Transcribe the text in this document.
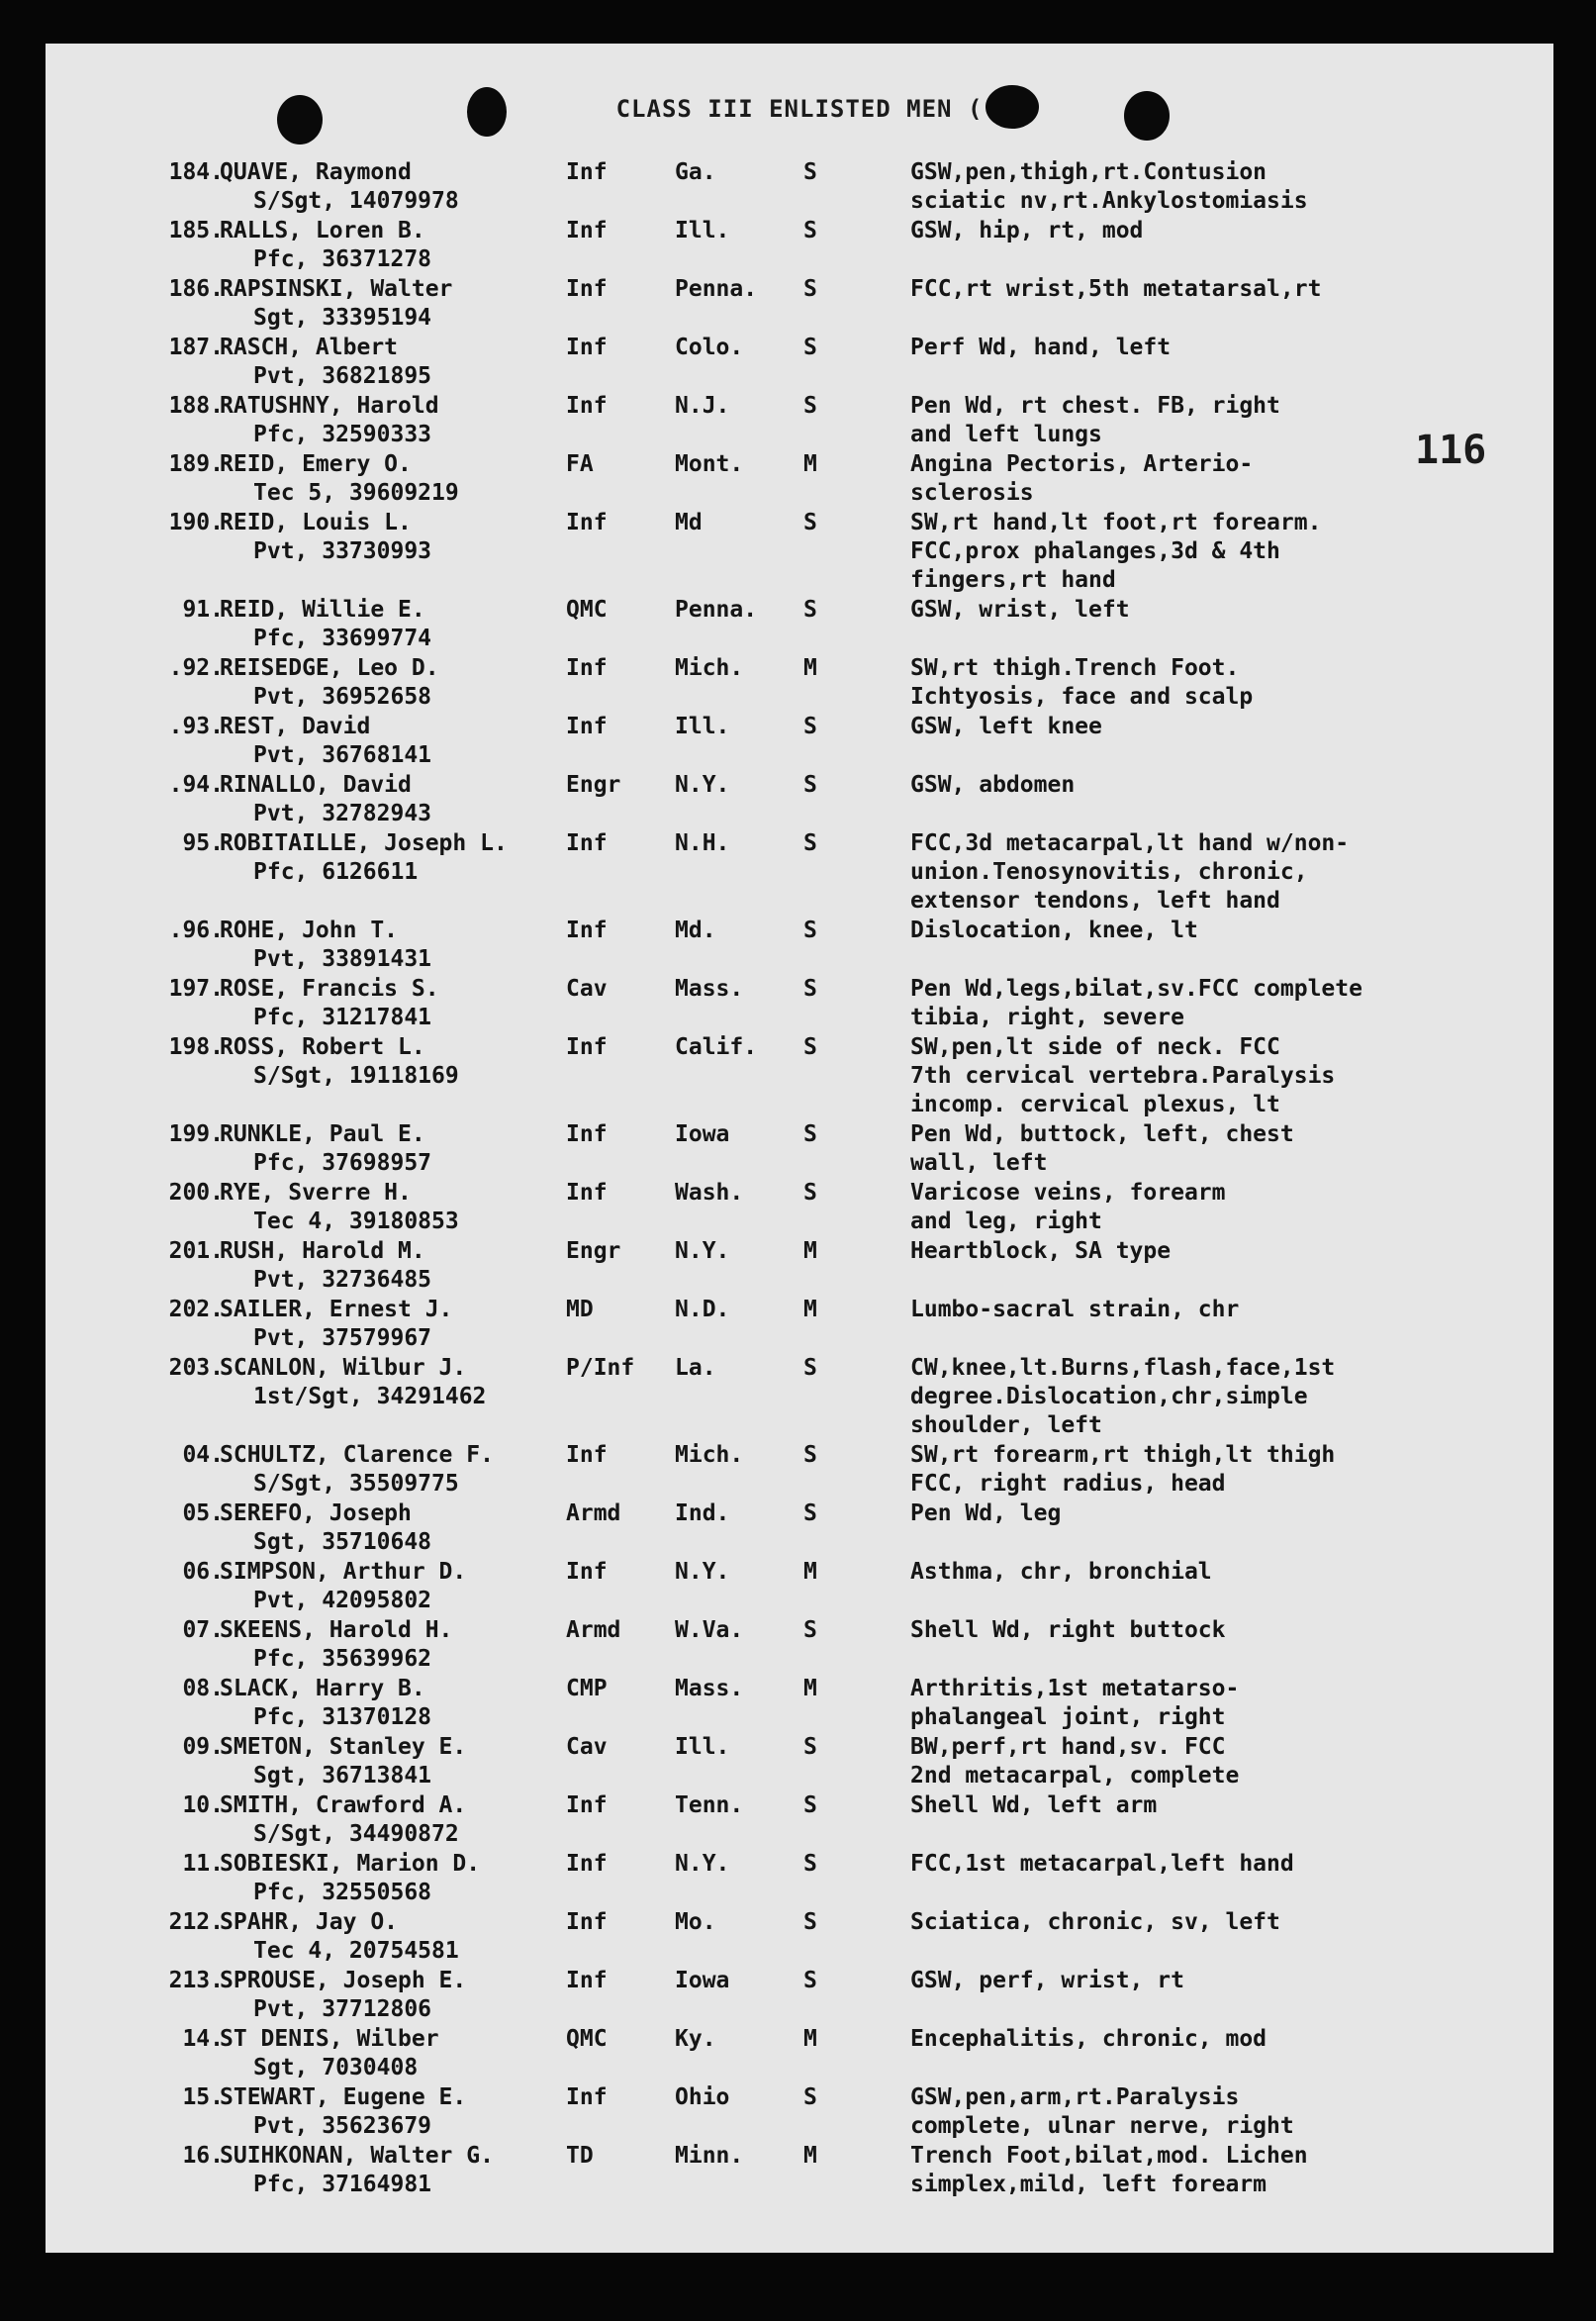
CLASS III ENLISTED MEN (
116
184.
QUAVE, Raymond
S/Sgt, 14079978
Inf	Ga.	S	GSW,pen,thigh,rt.Contusion
sciatic nv,rt.Ankylostomiasis
185.
RALLS, Loren B.
Pfc, 36371278
Inf	Ill.	S	GSW, hip, rt, mod
186.
RAPSINSKI, Walter
Sgt, 33395194
Inf	Penna. S	FCC,rt wrist,5th metatarsal,rt
187.
RASCH, Albert
Pvt, 36821895
Inf	Colo.	S	Perf Wd, hand, left
188.
RATUSHNY, Harold
Pfc, 32590333
Inf	N.J.	S	Pen Wd, rt chest. FB, right
and left lungs
189.
REID, Emery O.
Tec 5, 39609219
FA	Mont.	M	Angina Pectoris, Arterio-
sclerosis
190.
REID, Louis L.
Pvt, 33730993
Inf	Md	S	SW,rt hand,lt foot,rt forearm.
FCC,prox phalanges,3d & 4th
fingers,rt hand
91.
REID, Willie E.
Pfc, 33699774
QMC	Penna. S	GSW, wrist, left
.92.
REISEDGE, Leo D.
Pvt, 36952658
Inf	Mich.	M	SW,rt thigh.Trench Foot.
Ichtyosis, face and scalp
.93.
REST, David
Pvt, 36768141
Inf	Ill.	S	GSW, left knee
.94.
RINALLO, David
Pvt, 32782943
Engr N.Y.	S	GSW, abdomen
95.
ROBITAILLE, Joseph L.
Pfc, 6126611
Inf	N.H.	S	FCC,3d metacarpal,lt hand w/non-
union.Tenosynovitis, chronic,
extensor tendons, left hand
.96.
ROHE, John T.
Pvt, 33891431
Inf	Md.	S	Dislocation, knee, lt
197.
ROSE, Francis S.
Pfc, 31217841
Cav	Mass.	S	Pen Wd,legs,bilat,sv.FCC complete
tibia, right, severe
198.
ROSS, Robert L.
S/Sgt, 19118169
Inf	Calif. S	SW,pen,lt side of neck. FCC
7th cervical vertebra.Paralysis
incomp. cervical plexus, lt
199.
RUNKLE, Paul E.
Pfc, 37698957
Inf	Iowa	S	Pen Wd, buttock, left, chest
wall, left
200.
RYE, Sverre H.
Tec 4, 39180853
Inf	Wash.	S	Varicose veins, forearm
and leg, right
201.
RUSH, Harold M.
Pvt, 32736485
Engr N.Y.	M	Heartblock, SA type
202.
SAILER, Ernest J.
Pvt, 37579967
MD	N.D.	M	Lumbo-sacral strain, chr
203.
SCANLON, Wilbur J.
1st/Sgt, 34291462
P/Inf La.	S	CW,knee,lt.Burns,flash,face,1st
degree.Dislocation,chr,simple
shoulder, left
04.
SCHULTZ, Clarence F.
S/Sgt, 35509775
Inf	Mich.	S	SW,rt forearm,rt thigh,lt thigh
FCC, right radius, head
05.
SEREFO, Joseph
Sgt, 35710648
Armd Ind.	S	Pen Wd, leg
06.
SIMPSON, Arthur D.
Pvt, 42095802
Inf	N.Y.	M	Asthma, chr, bronchial
07.
SKEENS, Harold H.
Pfc, 35639962
Armd W.Va.	S	Shell Wd, right buttock
08.
SLACK, Harry B.
Pfc, 31370128
CMP	Mass.	M	Arthritis,1st metatarso-
phalangeal joint, right
09.
SMETON, Stanley E.
Sgt, 36713841
Cav	Ill.	S	BW,perf,rt hand,sv. FCC
2nd metacarpal, complete
10.
SMITH, Crawford A.
S/Sgt, 34490872
Inf	Tenn.	S	Shell Wd, left arm
11.
SOBIESKI, Marion D.
Pfc, 32550568
Inf	N.Y.	S	FCC,1st metacarpal,left hand
212.
SPAHR, Jay O.
Tec 4, 20754581
Inf	Mo.	S	Sciatica, chronic, sv, left
213.
SPROUSE, Joseph E.
Pvt, 37712806
Inf	Iowa	S	GSW, perf, wrist, rt
14.
ST DENIS, Wilber
Sgt, 7030408
QMC	Ky.	M	Encephalitis, chronic, mod
15.
STEWART, Eugene E.
Pvt, 35623679
Inf	Ohio	S	GSW,pen,arm,rt.Paralysis
complete, ulnar nerve, right
16.
SUIHKONAN, Walter G.
Pfc, 37164981
TD	Minn.	M	Trench Foot,bilat,mod. Lichen
simplex,mild, left forearm
